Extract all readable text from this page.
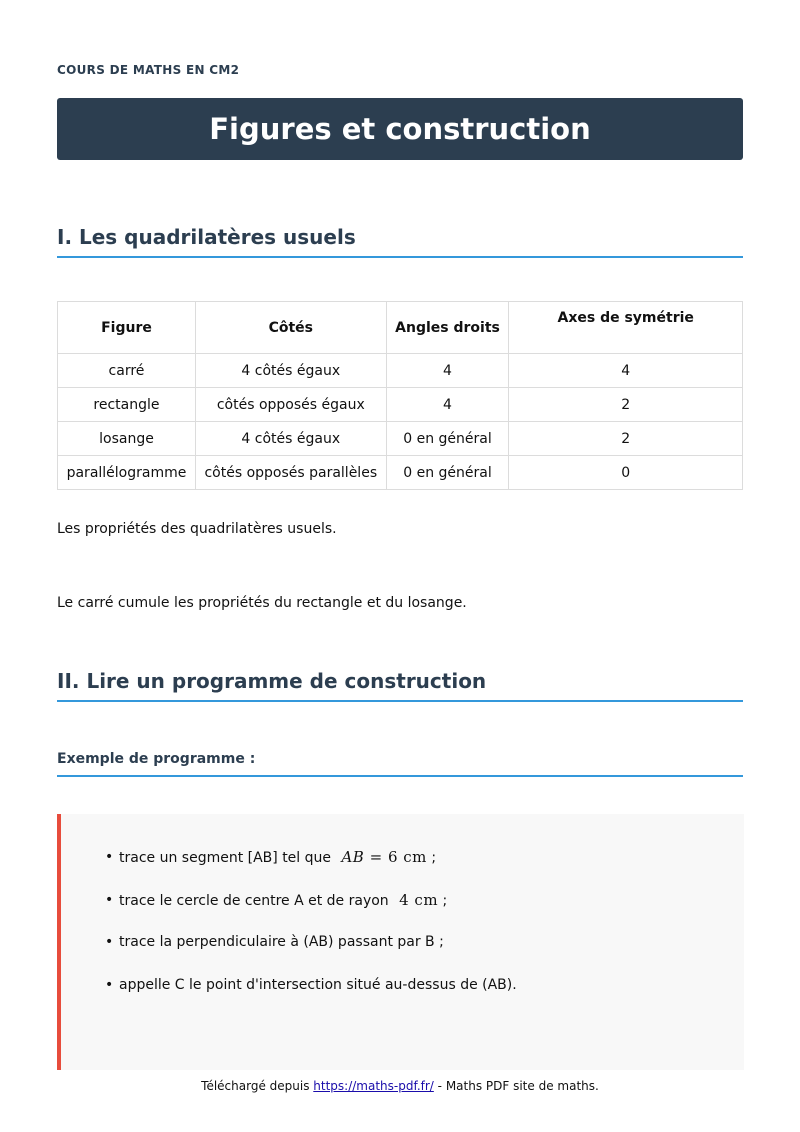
COURS DE MATHS EN CM2
Figures et construction
I. Les quadrilatères usuels
Figure	Côtés	Angles droits	Axes de symétrie
carré	4 côtés égaux	4	4
rectangle	côtés opposés égaux	4	2
losange	4 côtés égaux	0 en général	2
parallélogramme	côtés opposés parallèles	0 en général	0

Les propriétés des quadrilatères usuels.

Le carré cumule les propriétés du rectangle et du losange.

II. Lire un programme de construction
Exemple de programme :
• trace un segment [AB] tel que AB = 6 cm ;
• trace le cercle de centre A et de rayon 4 cm ;
• trace la perpendiculaire à (AB) passant par B ;
• appelle C le point d'intersection situé au-dessus de (AB).
Téléchargé depuis https://maths-pdf.fr/ - Maths PDF site de maths.
